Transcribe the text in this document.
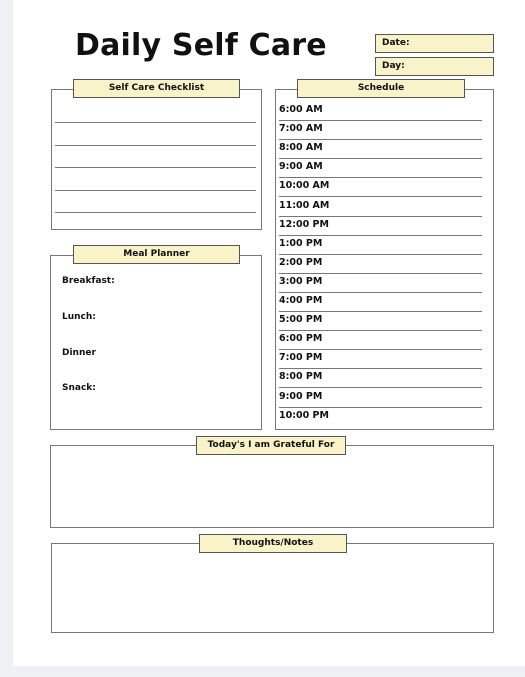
Daily Self Care	Date:
Day:
Self Care Checklist
Meal Planner
Breakfast:
Lunch:
Dinner
Snack:
Schedule
6:00 AM
7:00 AM
8:00 AM
9:00 AM
10:00 AM
11:00 AM
12:00 PM
1:00 PM
2:00 PM
3:00 PM
4:00 PM
5:00 PM
6:00 PM
7:00 PM
8:00 PM
9:00 PM
10:00 PM
Today's I am Grateful For
Thoughts/Notes
